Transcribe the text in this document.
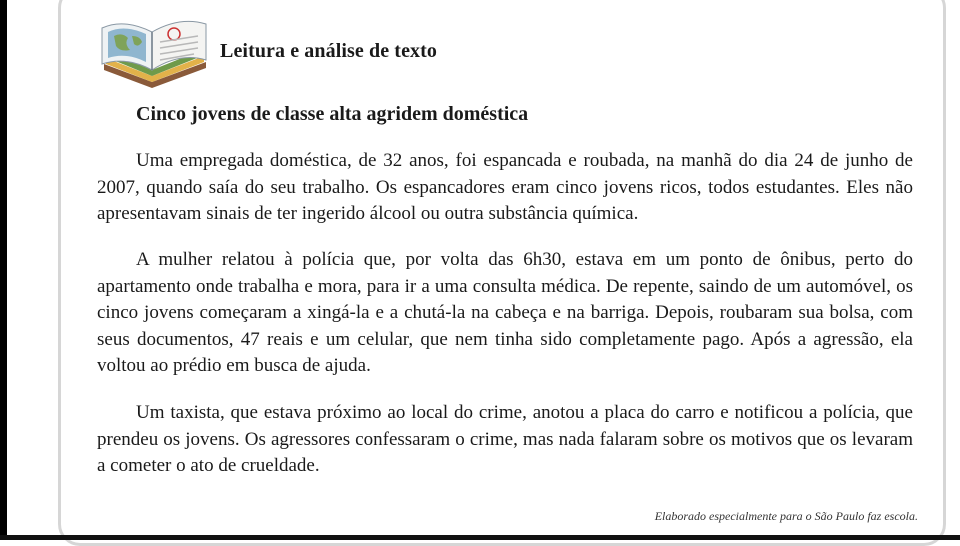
Leitura e análise de texto
Cinco jovens de classe alta agridem doméstica

Uma empregada doméstica, de 32 anos, foi espancada e roubada, na manhã do dia 24 de junho de 2007, quando saía do seu trabalho. Os espancadores eram cinco jovens ricos, todos estudantes. Eles não apresentavam sinais de ter ingerido álcool ou outra substância química.

A mulher relatou à polícia que, por volta das 6h30, estava em um ponto de ônibus, perto do apartamento onde trabalha e mora, para ir a uma consulta médica. De repente, saindo de um automóvel, os cinco jovens começaram a xingá-la e a chutá-la na cabeça e na barriga. Depois, roubaram sua bolsa, com seus documentos, 47 reais e um celular, que nem tinha sido completamente pago. Após a agressão, ela voltou ao prédio em busca de ajuda.

Um taxista, que estava próximo ao local do crime, anotou a placa do carro e notificou a polícia, que prendeu os jovens. Os agressores confessaram o crime, mas nada falaram sobre os motivos que os levaram a cometer o ato de crueldade.

Elaborado especialmente para o São Paulo faz escola.
